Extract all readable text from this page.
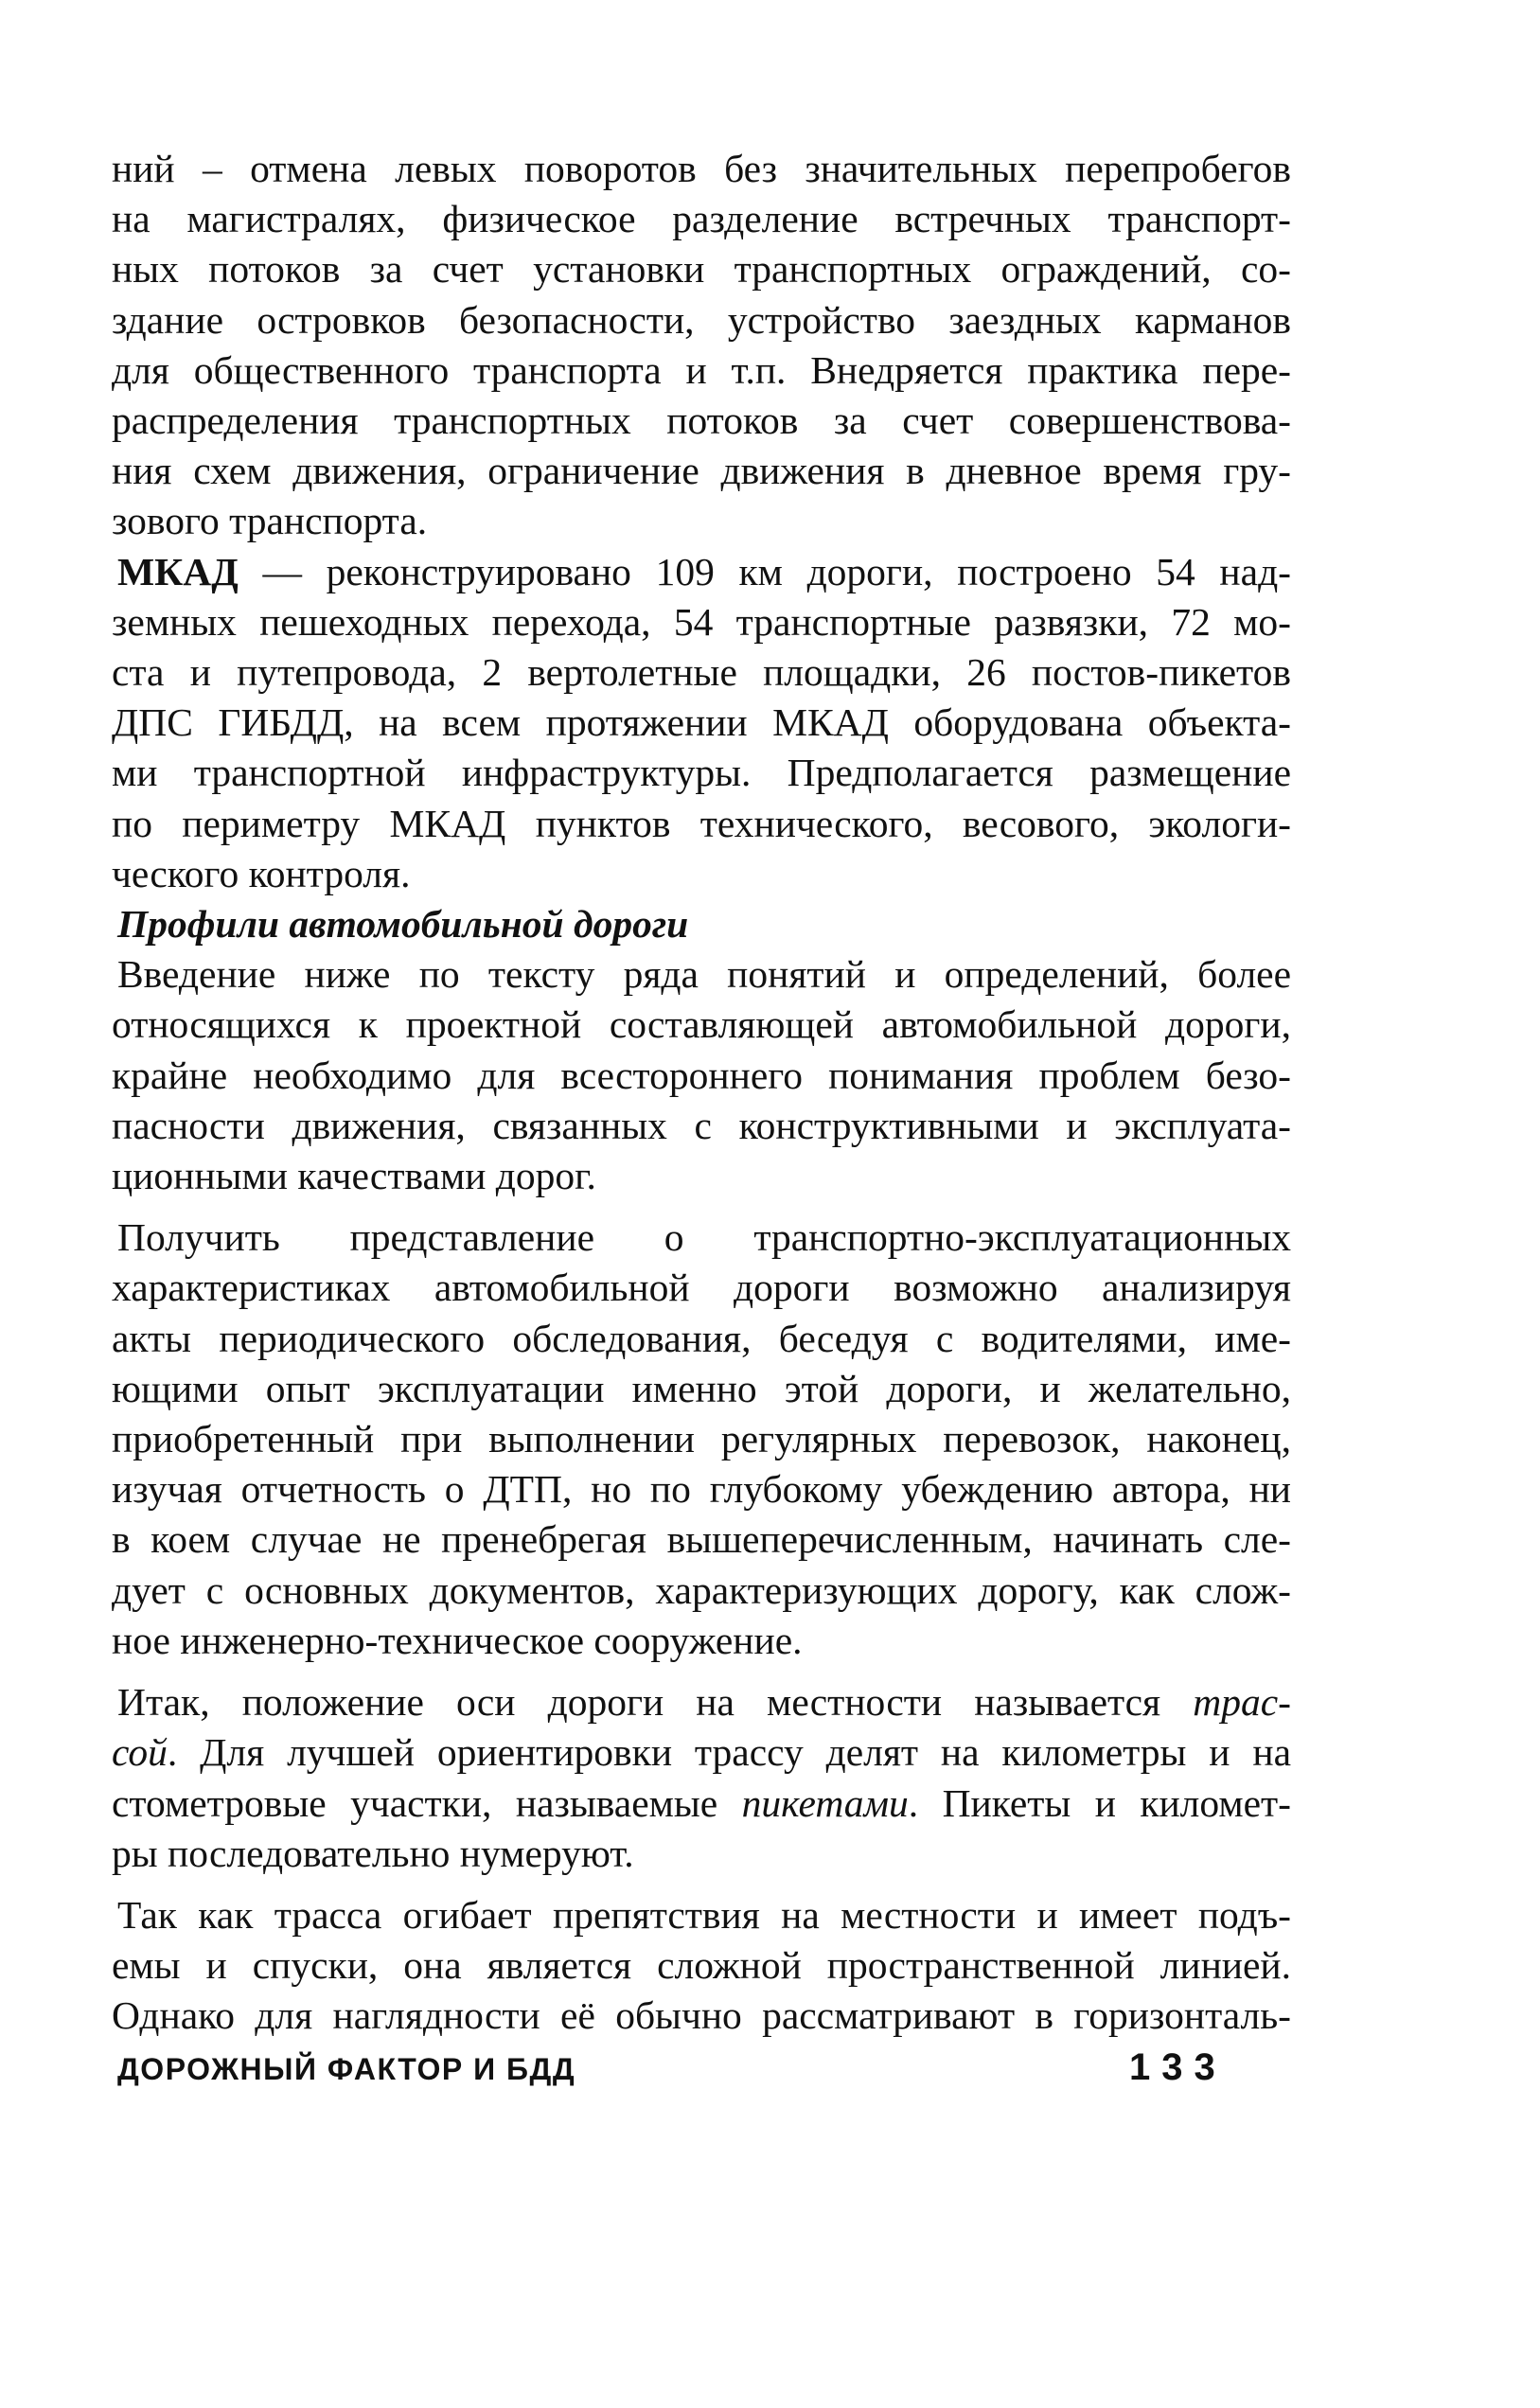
ний – отмена левых поворотов без значительных перепробегов
на магистралях, физическое разделение встречных транспорт-
ных потоков за счет установки транспортных ограждений, со-
здание островков безопасности, устройство заездных карманов
для общественного транспорта и т.п. Внедряется практика пере-
распределения транспортных потоков за счет совершенствова-
ния схем движения, ограничение движения в дневное время гру-
зового транспорта.
МКАД — реконструировано 109 км дороги, построено 54 над-
земных пешеходных перехода, 54 транспортные развязки, 72 мо-
ста и путепровода, 2 вертолетные площадки, 26 постов-пикетов
ДПС ГИБДД, на всем протяжении МКАД оборудована объекта-
ми транспортной инфраструктуры. Предполагается размещение
по периметру МКАД пунктов технического, весового, экологи-
ческого контроля.
Профили автомобильной дороги
Введение ниже по тексту ряда понятий и определений, более
относящихся к проектной составляющей автомобильной дороги,
крайне необходимо для всестороннего понимания проблем безо-
пасности движения, связанных с конструктивными и эксплуата-
ционными качествами дорог.
Получить представление о транспортно-эксплуатационных
характеристиках автомобильной дороги возможно анализируя
акты периодического обследования, беседуя с водителями, име-
ющими опыт эксплуатации именно этой дороги, и желательно,
приобретенный при выполнении регулярных перевозок, наконец,
изучая отчетность о ДТП, но по глубокому убеждению автора, ни
в коем случае не пренебрегая вышеперечисленным, начинать сле-
дует с основных документов, характеризующих дорогу, как слож-
ное инженерно-техническое сооружение.
Итак, положение оси дороги на местности называется трас-
сой. Для лучшей ориентировки трассу делят на километры и на
стометровые участки, называемые пикетами. Пикеты и километ-
ры последовательно нумеруют.
Так как трасса огибает препятствия на местности и имеет подъ-
емы и спуски, она является сложной пространственной линией.
Однако для наглядности её обычно рассматривают в горизонталь-
ДОРОЖНЫЙ ФАКТОР И БДД	133
